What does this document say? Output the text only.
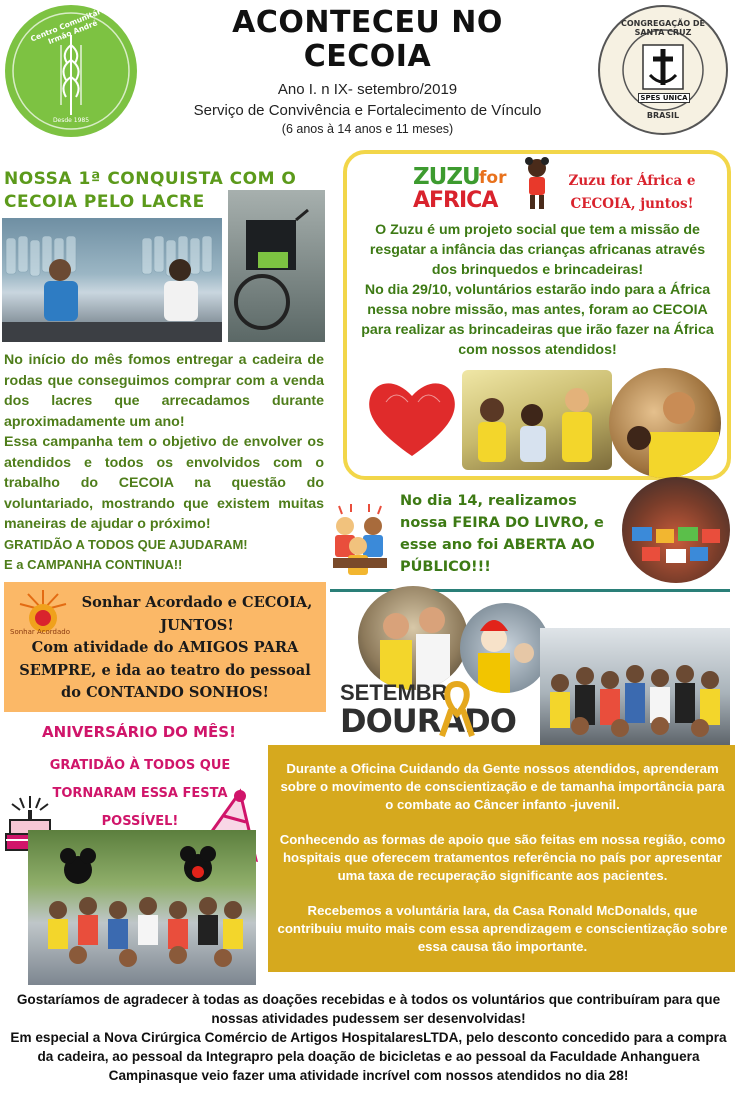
Centro Comunitário Irmão André
Desde 1985
ACONTECEU NO
CECOIA
Ano I. n IX- setembro/2019
Serviço de Convivência e Fortalecimento de Vínculo
(6 anos à 14 anos e 11 meses)
CONGREGAÇÃO DE SANTA CRUZ
SPES UNICA
BRASIL
NOSSA 1ª CONQUISTA COM O
CECOIA PELO LACRE
No início do mês fomos entregar a cadeira de rodas que conseguimos comprar com a venda dos lacres que arrecadamos durante aproximadamente um ano!
Essa campanha tem o objetivo de envolver os atendidos e todos os envolvidos com o trabalho do CECOIA na questão do voluntariado, mostrando que existem muitas maneiras de ajudar o próximo!
GRATIDÃO A TODOS QUE AJUDARAM!
E a CAMPANHA CONTINUA!!
ZUZU for
AFRICA
Zuzu for África e
CECOIA, juntos!
O Zuzu é um projeto social que tem a missão de resgatar a infância das crianças africanas através dos brinquedos e brincadeiras!
No dia 29/10, voluntários estarão indo para a África nessa nobre missão, mas antes, foram ao CECOIA para realizar as brincadeiras que irão fazer na África com nossos atendidos!
No dia 14, realizamos
nossa FEIRA DO LIVRO, e
esse ano foi ABERTA AO
PÚBLICO!!!
Sonhar Acordado
Sonhar Acordado e CECOIA,
JUNTOS!
Com atividade do AMIGOS PARA
SEMPRE, e ida ao teatro do pessoal
do CONTANDO SONHOS!	SETEMBR
DOURADO
ANIVERSÁRIO DO MÊS!
GRATIDÃO À TODOS QUE
TORNARAM ESSA FESTA
POSSÍVEL!
Durante a Oficina Cuidando da Gente nossos atendidos, aprenderam sobre o movimento de conscientização e de tamanha importância para o combate ao Câncer infanto -juvenil.
Conhecendo as formas de apoio que são feitas em nossa região, como hospitais que oferecem tratamentos referência no país por apresentar uma taxa de recuperação significante aos pacientes.
Recebemos a voluntária Iara, da Casa Ronald McDonalds, que contribuiu muito mais com essa aprendizagem e conscientização sobre essa causa tão importante.
Gostaríamos de agradecer à todas as doações recebidas e à todos os voluntários que contribuíram para que nossas atividades pudessem ser desenvolvidas!
Em especial a Nova Cirúrgica Comércio de Artigos HospitalaresLTDA, pelo desconto concedido para a compra da cadeira, ao pessoal da Integrapro pela doação de bicicletas e ao pessoal da Faculdade Anhanguera Campinasque veio fazer uma atividade incrível com nossos atendidos no dia 28!
